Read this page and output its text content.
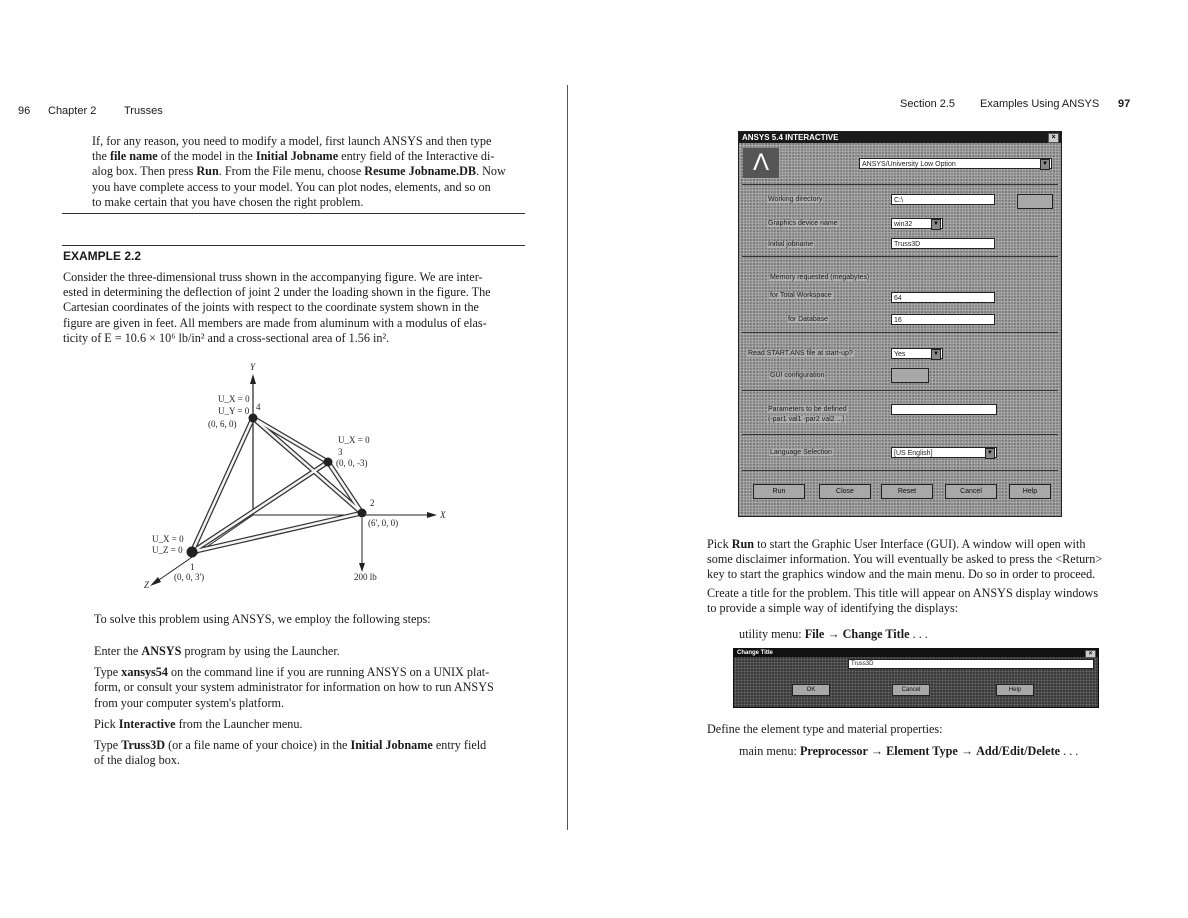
96 Chapter 2	Trusses
If, for any reason, you need to modify a model, first launch ANSYS and then type
the file name of the model in the Initial Jobname entry field of the Interactive di-
alog box. Then press Run. From the File menu, choose Resume Jobname.DB. Now
you have complete access to your model. You can plot nodes, elements, and so on
to make certain that you have chosen the right problem.
EXAMPLE 2.2
Consider the three-dimensional truss shown in the accompanying figure. We are inter-
ested in determining the deflection of joint 2 under the loading shown in the figure. The
Cartesian coordinates of the joints with respect to the coordinate system shown in the
figure are given in feet. All members are made from aluminum with a modulus of elas-
ticity of E = 10.6 × 10⁶ lb/in² and a cross-sectional area of 1.56 in².
Y
X
Z
U_X = 0
U_Y = 0 4
(0, 6, 0)
U_X = 0
3
(0, 0, -3)
2
(6', 0, 0)
U_X = 0
U_Z = 0
1
(0, 0, 3')	200 lb
To solve this problem using ANSYS, we employ the following steps:
Enter the ANSYS program by using the Launcher.
Type xansys54 on the command line if you are running ANSYS on a UNIX plat-
form, or consult your system administrator for information on how to run ANSYS
from your computer system's platform.
Pick Interactive from the Launcher menu.
Type Truss3D (or a file name of your choice) in the Initial Jobname entry field
of the dialog box.
Section 2.5 Examples Using ANSYS 97
ANSYS 5.4 INTERACTIVE	×
Λ	ANSYS/University Low Option	▼
Working directory	C:\
Graphics device name	win32	▼
Initial jobname	Truss3D
Memory requested (megabytes)
for Total Workspace	64
for Database	16
Read START.ANS file at start-up?	Yes	▼
GUI configuration
Parameters to be defined
(-par1 val1 -par2 val2 ...)
Language Selection	[US English]	▼
Run	Close	Reset	Cancel	Help
Pick Run to start the Graphic User Interface (GUI). A window will open with
some disclaimer information. You will eventually be asked to press the <Return>
key to start the graphics window and the main menu. Do so in order to proceed.
Create a title for the problem. This title will appear on ANSYS display windows
to provide a simple way of identifying the displays:
utility menu: File → Change Title . . .
Change Title	×
Truss3D
OK	Cancel	Help
Define the element type and material properties:
main menu: Preprocessor → Element Type → Add/Edit/Delete . . .
